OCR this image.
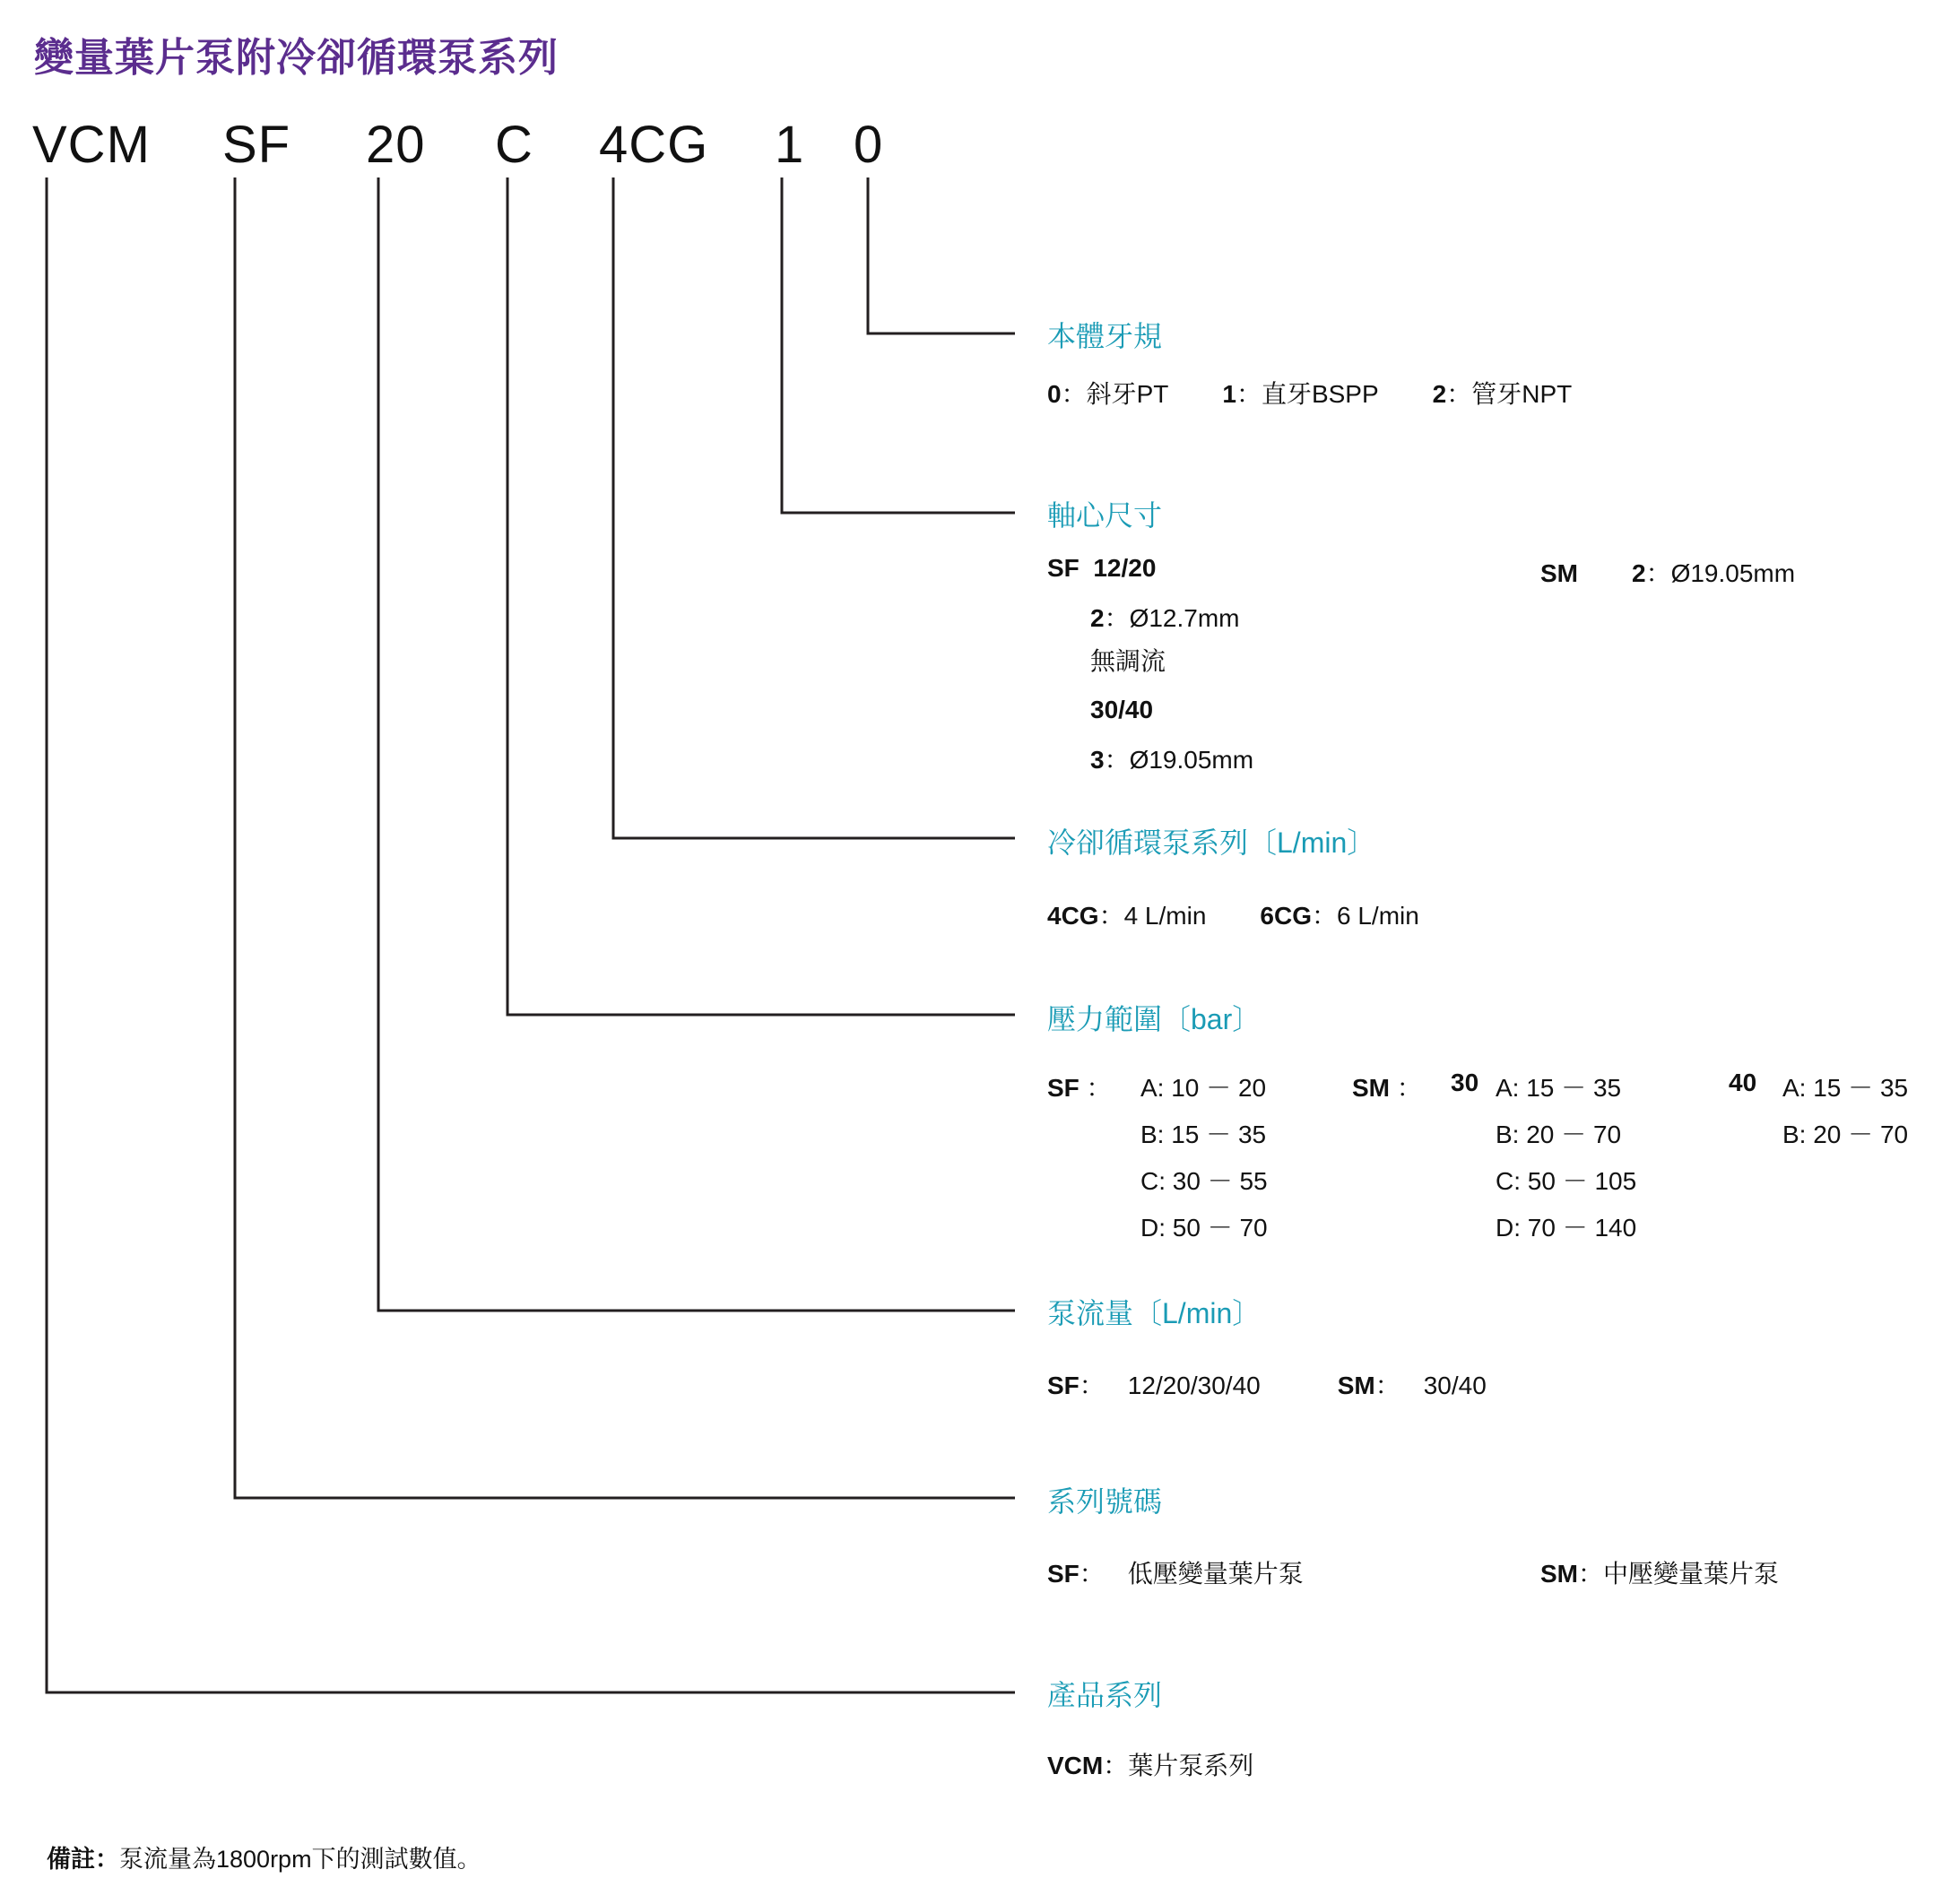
變量葉片泵附冷卻循環泵系列
VCM SF 20 C 4CG 1 0
本體牙規
0：斜牙PT 1：直牙BSPP 2：管牙NPT
軸心尺寸
SF  12/20
2：Ø12.7mm
無調流
30/40
3：Ø19.05mm
SM 2：Ø19.05mm
冷卻循環泵系列〔L/min〕
4CG：4 L/min 6CG：6 L/min
壓力範圍〔bar〕
SF ： A: 10 － 20
B: 15 － 35
C: 30 － 55
D: 50 － 70
SM ： 30 A: 15 － 35
B: 20 － 70
C: 50 － 105
D: 70 － 140
40 A: 15 － 35
B: 20 － 70
泵流量〔L/min〕
SF： 12/20/30/40	SM： 30/40
系列號碼
SF： 低壓變量葉片泵	SM：中壓變量葉片泵
產品系列
VCM：葉片泵系列
備註：泵流量為1800rpm下的測試數值。
